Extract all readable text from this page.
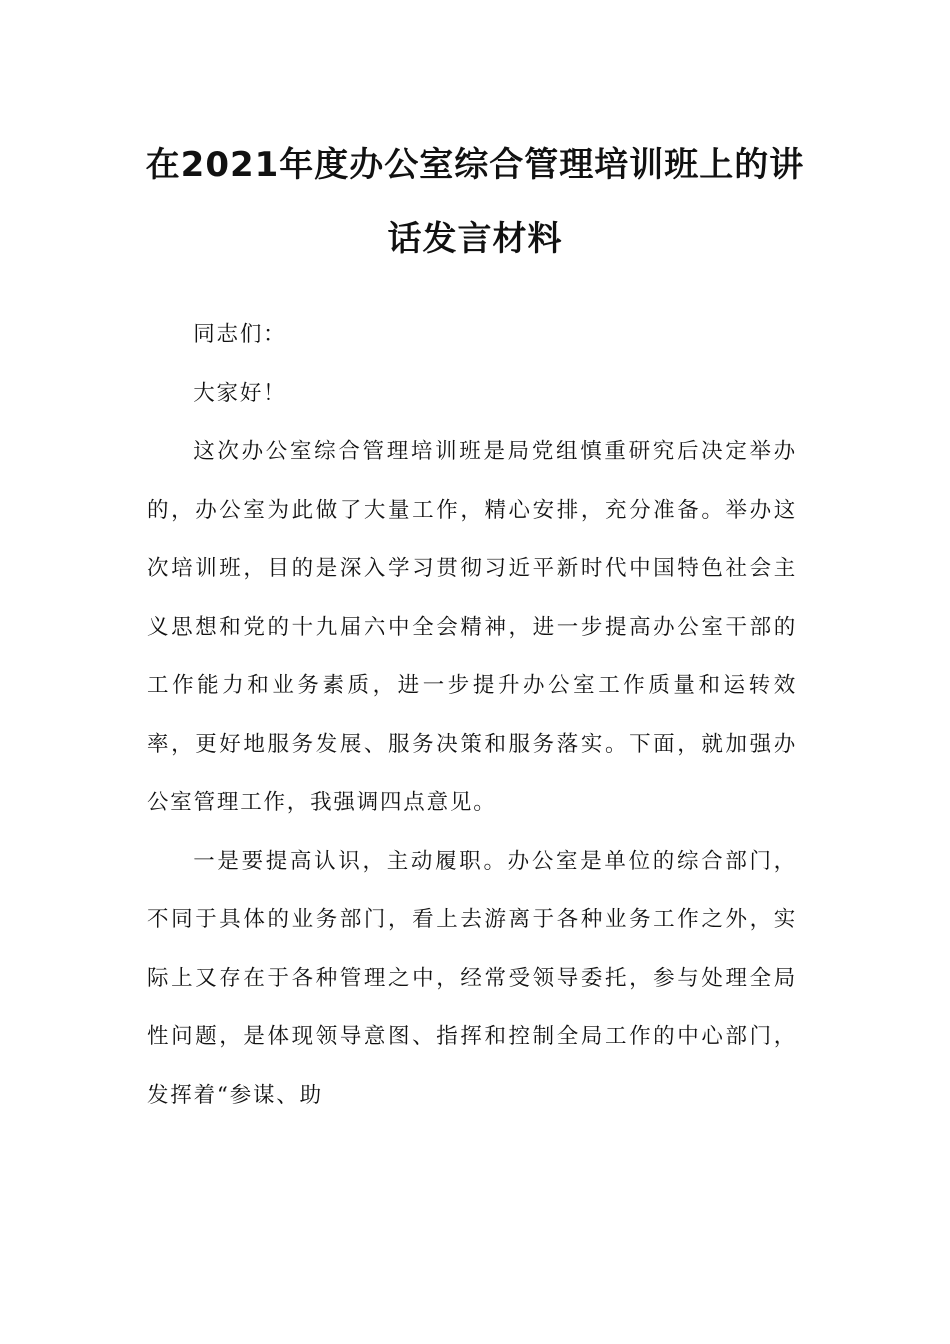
在2021年度办公室综合管理培训班上的讲
话发言材料

同志们：

大家好！

这次办公室综合管理培训班是局党组慎重研究后决定举办的，办公室为此做了大量工作，精心安排，充分准备。举办这次培训班，目的是深入学习贯彻习近平新时代中国特色社会主义思想和党的十九届六中全会精神，进一步提高办公室干部的工作能力和业务素质，进一步提升办公室工作质量和运转效率，更好地服务发展、服务决策和服务落实。下面，就加强办公室管理工作，我强调四点意见。

一是要提高认识，主动履职。办公室是单位的综合部门，不同于具体的业务部门，看上去游离于各种业务工作之外，实际上又存在于各种管理之中，经常受领导委托，参与处理全局性问题，是体现领导意图、指挥和控制全局工作的中心部门，发挥着“参谋、助
